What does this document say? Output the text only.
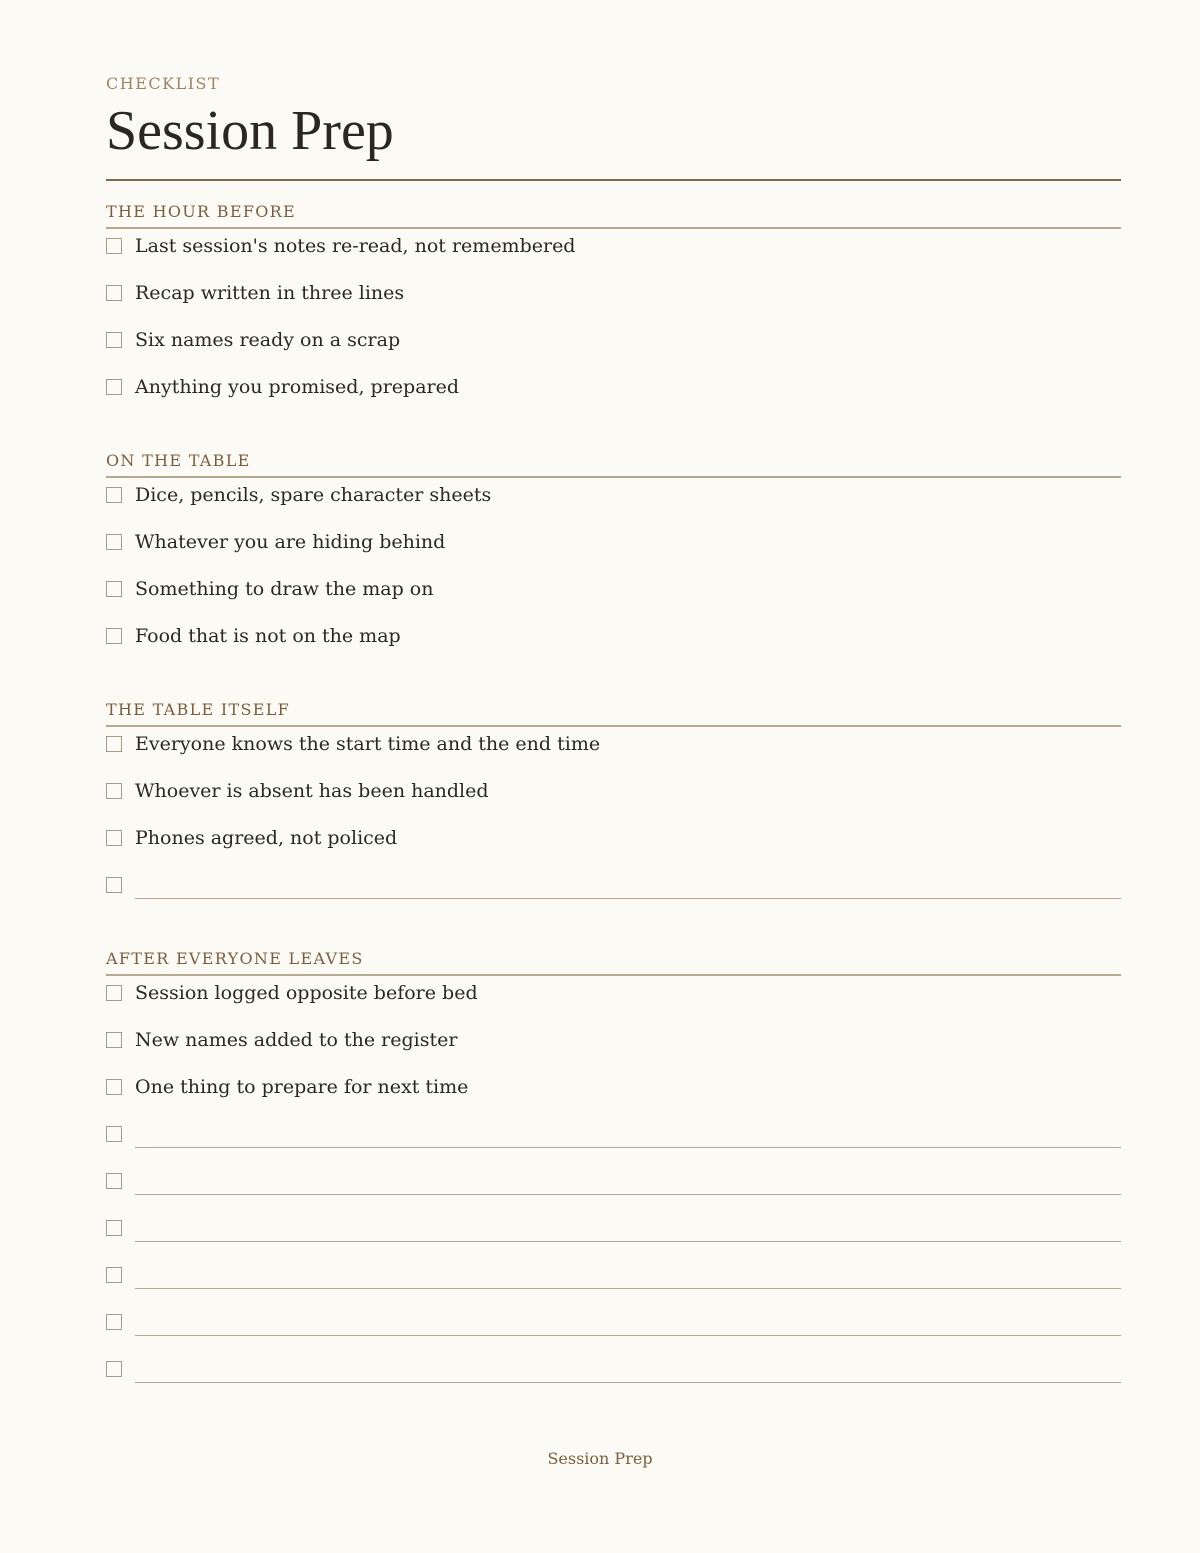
CHECKLIST
Session Prep
THE HOUR BEFORE
Last session's notes re-read, not remembered
Recap written in three lines
Six names ready on a scrap
Anything you promised, prepared
ON THE TABLE
Dice, pencils, spare character sheets
Whatever you are hiding behind
Something to draw the map on
Food that is not on the map
THE TABLE ITSELF
Everyone knows the start time and the end time
Whoever is absent has been handled
Phones agreed, not policed
AFTER EVERYONE LEAVES
Session logged opposite before bed
New names added to the register
One thing to prepare for next time
Session Prep
